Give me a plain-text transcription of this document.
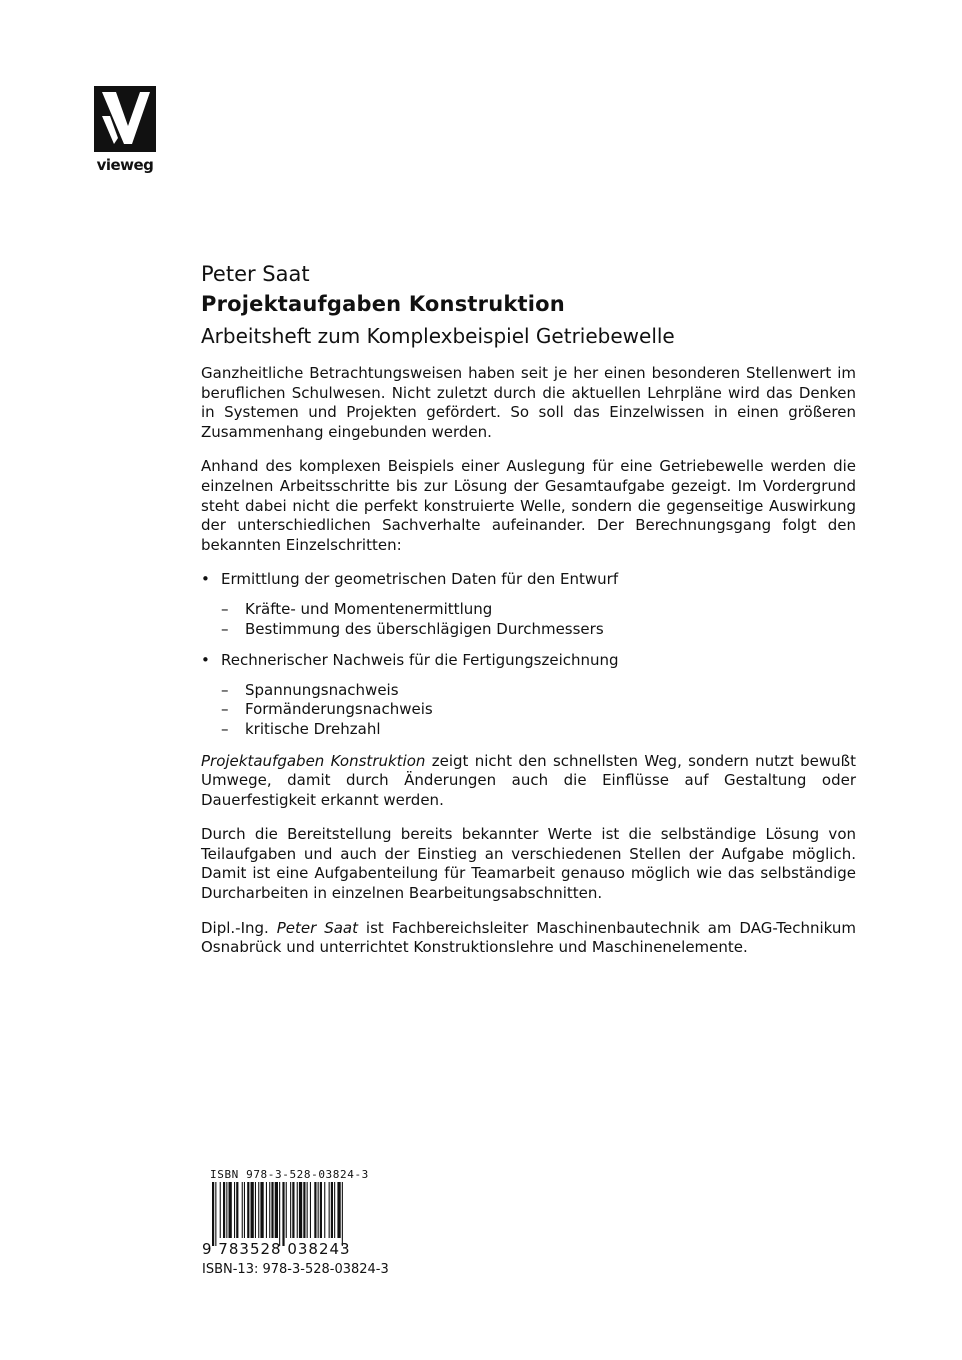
vieweg
Peter Saat
Projektaufgaben Konstruktion
Arbeitsheft zum Komplexbeispiel Getriebewelle

Ganzheitliche Betrachtungsweisen haben seit je her einen besonderen Stellenwert im beruflichen Schulwesen. Nicht zuletzt durch die aktuellen Lehrpläne wird das Denken in Systemen und Projekten gefördert. So soll das Einzelwissen in einen größeren Zusammenhang eingebunden werden.

Anhand des komplexen Beispiels einer Auslegung für eine Getriebewelle werden die einzelnen Arbeitsschritte bis zur Lösung der Gesamtaufgabe gezeigt. Im Vordergrund steht dabei nicht die perfekt konstruierte Welle, sondern die gegenseitige Auswirkung der unterschiedlichen Sachverhalte aufeinander. Der Berechnungsgang folgt den bekannten Einzelschritten:

• Ermittlung der geometrischen Daten für den Entwurf
– Kräfte- und Momentenermittlung
– Bestimmung des überschlägigen Durchmessers
• Rechnerischer Nachweis für die Fertigungszeichnung
– Spannungsnachweis
– Formänderungsnachweis
– kritische Drehzahl

Projektaufgaben Konstruktion zeigt nicht den schnellsten Weg, sondern nutzt bewußt Umwege, damit durch Änderungen auch die Einflüsse auf Gestaltung oder Dauerfestigkeit erkannt werden.

Durch die Bereitstellung bereits bekannter Werte ist die selbständige Lösung von Teilaufgaben und auch der Einstieg an verschiedenen Stellen der Aufgabe möglich. Damit ist eine Aufgabenteilung für Teamarbeit genauso möglich wie das selbständige Durcharbeiten in einzelnen Bearbeitungsabschnitten.

Dipl.-Ing. Peter Saat ist Fachbereichsleiter Maschinenbautechnik am DAG-Technikum Osnabrück und unterrichtet Konstruktionslehre und Maschinenelemente.

ISBN 978-3-528-03824-3
9 783528 038243
ISBN-13: 978-3-528-03824-3
